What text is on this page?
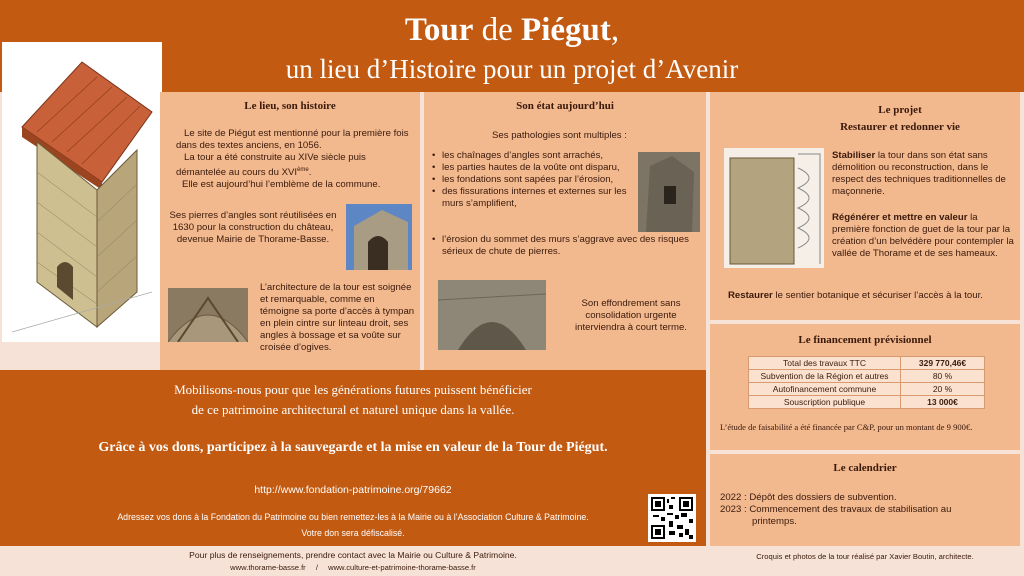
Tour de Piégut,
un lieu d’Histoire pour un projet d’Avenir
Le lieu, son histoire
Le site de Piégut est mentionné pour la première fois dans des textes anciens, en 1056.
La tour a été construite au XIVe siècle puis démantelée au cours du XVIème.
Elle est aujourd’hui l’emblème de la commune.
Ses pierres d’angles sont réutilisées en 1630 pour la construction du château, devenue Mairie de Thorame-Basse.
L’architecture de la tour est soignée et remarquable, comme en témoigne sa porte d’accès à tympan en plein cintre sur linteau droit, ses angles à bossage et sa voûte sur croisée d’ogives.
Son état aujourd’hui
Ses pathologies sont multiples :
• les chaînages d’angles sont arrachés,
• les parties hautes de la voûte ont disparu,
• les fondations sont sapées par l’érosion,
• des fissurations internes et externes sur les murs s’amplifient,
• l’érosion du sommet des murs s’aggrave avec des risques sérieux de chute de pierres.
Son effondrement sans consolidation urgente interviendra à court terme.
Le projet
Restaurer et redonner vie
Stabiliser la tour dans son état sans démolition ou reconstruction, dans le respect des techniques traditionnelles de maçonnerie.
Régénérer et mettre en valeur la première fonction de guet de la tour par la création d’un belvédère pour contempler la vallée de Thorame et de ses hameaux.
Restaurer le sentier botanique et sécuriser l’accès à la tour.
Le financement prévisionnel
Total des travaux TTC	329 770,46€
Subvention de la Région et autres	80 %
Autofinancement commune	20 %
Souscription publique	13 000€
L’étude de faisabilité a été financée par C&P, pour un montant de 9 900€.
Le calendrier
2022 : Dépôt des dossiers de subvention.
2023 : Commencement des travaux de stabilisation au
printemps.
Mobilisons-nous pour que les générations futures puissent bénéficier
de ce patrimoine architectural et naturel unique dans la vallée.
Grâce à vos dons, participez à la sauvegarde et la mise en valeur de la Tour de Piégut.
http://www.fondation-patrimoine.org/79662
Adressez vos dons à la Fondation du Patrimoine ou bien remettez-les à la Mairie ou à l’Association Culture & Patrimoine.
Votre don sera défiscalisé.
Pour plus de renseignements, prendre contact avec la Mairie ou Culture & Patrimoine.
www.thorame-basse.fr / www.culture-et-patrimoine-thorame-basse.fr
Croquis et photos de la tour réalisé par Xavier Boutin, architecte.
